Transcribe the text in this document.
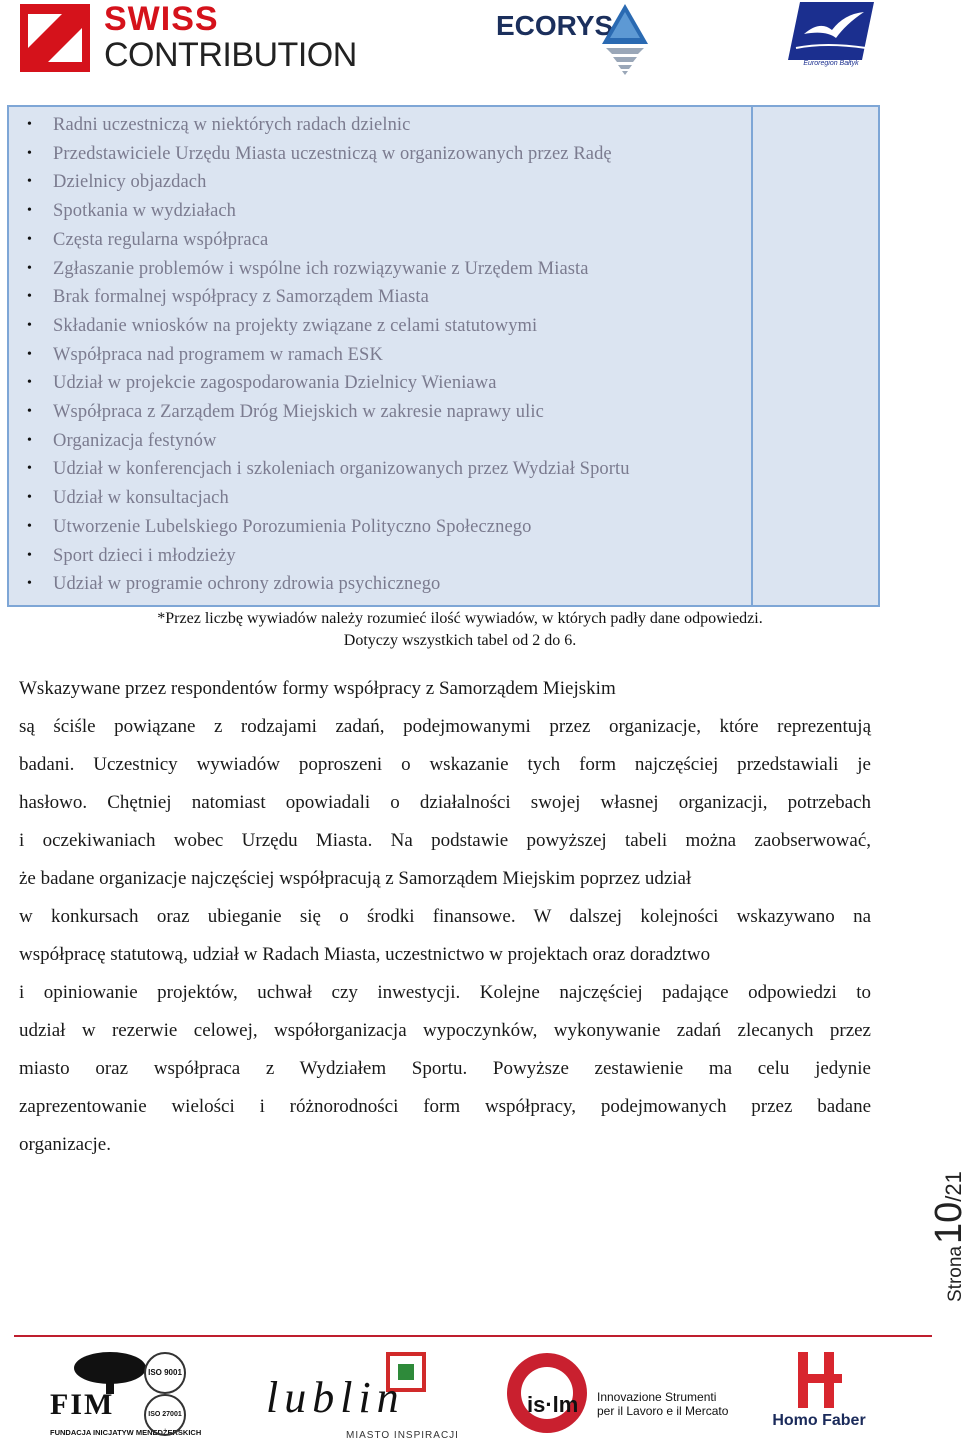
SWISS
CONTRIBUTION
ECORYS
Euroregion Bałtyk
• Radni uczestniczą w niektórych radach dzielnic
• Przedstawiciele Urzędu Miasta uczestniczą w organizowanych przez Radę
• Dzielnicy objazdach
• Spotkania w wydziałach
• Częsta regularna współpraca
• Zgłaszanie problemów i wspólne ich rozwiązywanie z Urzędem Miasta
• Brak formalnej współpracy z Samorządem Miasta
• Składanie wniosków na projekty związane z celami statutowymi
• Współpraca nad programem w ramach ESK
• Udział w projekcie zagospodarowania Dzielnicy Wieniawa
• Współpraca z Zarządem Dróg Miejskich w zakresie naprawy ulic
• Organizacja festynów
• Udział w konferencjach i szkoleniach organizowanych przez Wydział Sportu
• Udział w konsultacjach
• Utworzenie Lubelskiego Porozumienia Polityczno Społecznego
• Sport dzieci i młodzieży
• Udział w programie ochrony zdrowia psychicznego
*Przez liczbę wywiadów należy rozumieć ilość wywiadów, w których padły dane odpowiedzi.
Dotyczy wszystkich tabel od 2 do 6.

Wskazywane przez respondentów formy współpracy z Samorządem Miejskim

są ściśle powiązane z rodzajami zadań, podejmowanymi przez organizacje, które reprezentują

badani. Uczestnicy wywiadów poproszeni o wskazanie tych form najczęściej przedstawiali je

hasłowo. Chętniej natomiast opowiadali o działalności swojej własnej organizacji, potrzebach

i oczekiwaniach wobec Urzędu Miasta. Na podstawie powyższej tabeli można zaobserwować,

że badane organizacje najczęściej współpracują z Samorządem Miejskim poprzez udział

w konkursach oraz ubieganie się o środki finansowe. W dalszej kolejności wskazywano na

współpracę statutową, udział w Radach Miasta, uczestnictwo w projektach oraz doradztwo

i opiniowanie projektów, uchwał czy inwestycji. Kolejne najczęściej padające odpowiedzi to

udział w rezerwie celowej, współorganizacja wypoczynków, wykonywanie zadań zlecanych przez

miasto oraz współpraca z Wydziałem Sportu. Powyższe zestawienie ma celu jedynie

zaprezentowanie wielości i różnorodności form współpracy, podejmowanych przez badane

organizacje.

Strona10/21
FIM
FUNDACJA INICJATYW MENEDŻERSKICH
ISO 9001
ISO 27001 lublin
MIASTO INSPIRACJI
is·lm Innovazione Strumenti
per il Lavoro e il Mercato
Homo Faber
